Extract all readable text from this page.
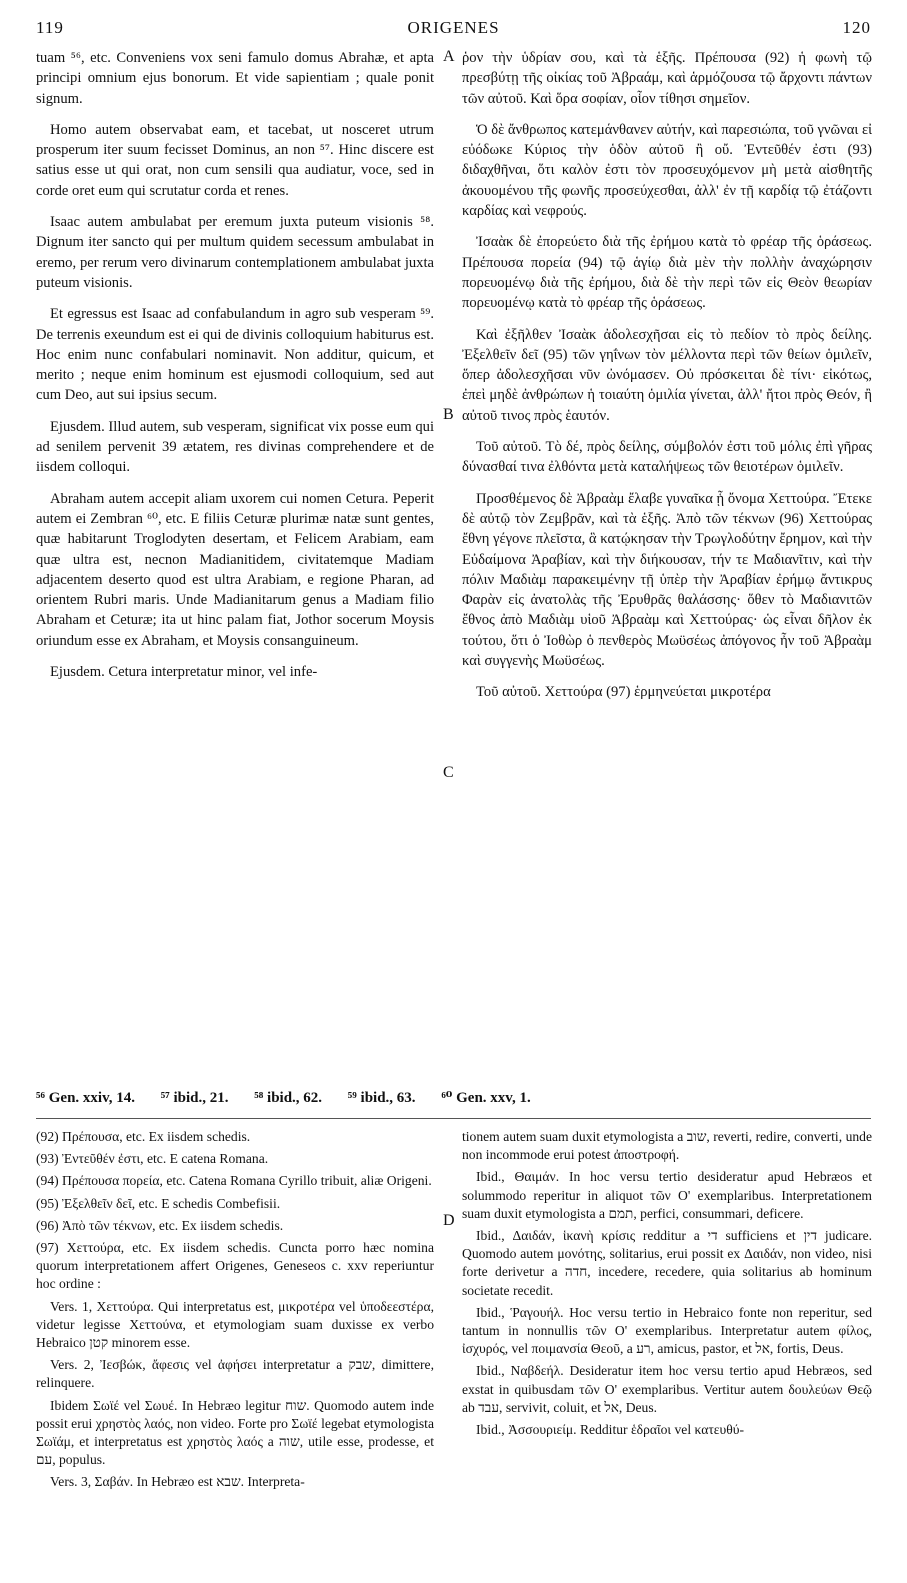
119	ORIGENES	120
A
B
C
D

tuam ⁵⁶, etc. Conveniens vox seni famulo domus Abrahæ, et apta principi omnium ejus bonorum. Et vide sapientiam ; quale ponit signum.

Homo autem observabat eam, et tacebat, ut nosceret utrum prosperum iter suum fecisset Dominus, an non ⁵⁷. Hinc discere est satius esse ut qui orat, non cum sensili qua audiatur, voce, sed in corde oret eum qui scrutatur corda et renes.

Isaac autem ambulabat per eremum juxta puteum visionis ⁵⁸. Dignum iter sancto qui per multum quidem secessum ambulabat in eremo, per rerum vero divinarum contemplationem ambulabat juxta puteum visionis.

Et egressus est Isaac ad confabulandum in agro sub vesperam ⁵⁹. De terrenis exeundum est ei qui de divinis colloquium habiturus est. Hoc enim nunc confabulari nominavit. Non additur, quicum, et merito ; neque enim hominum est ejusmodi colloquium, sed aut cum Deo, aut sui ipsius secum.

Ejusdem. Illud autem, sub vesperam, significat vix posse eum qui ad senilem pervenit 39 ætatem, res divinas comprehendere et de iisdem colloqui.

Abraham autem accepit aliam uxorem cui nomen Cetura. Peperit autem ei Zembran ⁶⁰, etc. E filiis Ceturæ plurimæ natæ sunt gentes, quæ habitarunt Troglodyten desertam, et Felicem Arabiam, eam quæ ultra est, necnon Madianitidem, civitatemque Madiam adjacentem deserto quod est ultra Arabiam, e regione Pharan, ad orientem Rubri maris. Unde Madianitarum genus a Madiam filio Abraham et Ceturæ; ita ut hinc palam fiat, Jothor socerum Moysis oriundum esse ex Abraham, et Moysis consanguineum.

Ejusdem. Cetura interpretatur minor, vel infe-

ῥον τὴν ὑδρίαν σου, καὶ τὰ ἑξῆς. Πρέπουσα (92) ἡ φωνὴ τῷ πρεσβύτῃ τῆς οἰκίας τοῦ Ἀβραάμ, καὶ ἁρμόζουσα τῷ ἄρχοντι πάντων τῶν αὐτοῦ. Καὶ ὅρα σοφίαν, οἷον τίθησι σημεῖον.

Ὁ δὲ ἄνθρωπος κατεμάνθανεν αὐτήν, καὶ παρεσιώπα, τοῦ γνῶναι εἰ εὐόδωκε Κύριος τὴν ὁδὸν αὐτοῦ ἢ οὔ. Ἐντεῦθέν ἐστι (93) διδαχθῆναι, ὅτι καλὸν ἐστι τὸν προσευχόμενον μὴ μετὰ αἰσθητῆς ἀκουομένου τῆς φωνῆς προσεύχεσθαι, ἀλλ' ἐν τῇ καρδίᾳ τῷ ἐτάζοντι καρδίας καὶ νεφρούς.

Ἰσαὰκ δὲ ἐπορεύετο διὰ τῆς ἐρήμου κατὰ τὸ φρέαρ τῆς ὁράσεως. Πρέπουσα πορεία (94) τῷ ἁγίῳ διὰ μὲν τὴν πολλὴν ἀναχώρησιν πορευομένῳ διὰ τῆς ἐρήμου, διὰ δὲ τὴν περὶ τῶν εἰς Θεὸν θεωρίαν πορευομένῳ κατὰ τὸ φρέαρ τῆς ὁράσεως.

Καὶ ἐξῆλθεν Ἰσαὰκ ἀδολεσχῆσαι εἰς τὸ πεδίον τὸ πρὸς δείλης. Ἐξελθεῖν δεῖ (95) τῶν γηΐνων τὸν μέλλοντα περὶ τῶν θείων ὁμιλεῖν, ὅπερ ἀδολεσχῆσαι νῦν ὠνόμασεν. Οὐ πρόσκειται δὲ τίνι· εἰκότως, ἐπεὶ μηδὲ ἀνθρώπων ἡ τοιαύτη ὁμιλία γίνεται, ἀλλ' ἤτοι πρὸς Θεόν, ἢ αὐτοῦ τινος πρὸς ἑαυτόν.

Τοῦ αὐτοῦ. Τὸ δέ, πρὸς δείλης, σύμβολόν ἐστι τοῦ μόλις ἐπὶ γῆρας δύνασθαί τινα ἐλθόντα μετὰ καταλήψεως τῶν θειοτέρων ὁμιλεῖν.

Προσθέμενος δὲ Ἀβραὰμ ἔλαβε γυναῖκα ᾗ ὄνομα Χεττούρα. Ἔτεκε δὲ αὐτῷ τὸν Ζεμβρᾶν, καὶ τὰ ἑξῆς. Ἀπὸ τῶν τέκνων (96) Χεττούρας ἔθνη γέγονε πλεῖστα, ἃ κατῴκησαν τὴν Τρωγλοδύτην ἔρημον, καὶ τὴν Εὐδαίμονα Ἀραβίαν, καὶ τὴν διήκουσαν, τήν τε Μαδιανῖτιν, καὶ τὴν πόλιν Μαδιὰμ παρακειμένην τῇ ὑπὲρ τὴν Ἀραβίαν ἐρήμῳ ἄντικρυς Φαρὰν εἰς ἀνατολὰς τῆς Ἐρυθρᾶς θαλάσσης· ὅθεν τὸ Μαδιανιτῶν ἔθνος ἀπὸ Μαδιὰμ υἱοῦ Ἀβραὰμ καὶ Χεττούρας· ὡς εἶναι δῆλον ἐκ τούτου, ὅτι ὁ Ἰοθὼρ ὁ πενθερὸς Μωϋσέως ἀπόγονος ἦν τοῦ Ἀβραὰμ καὶ συγγενὴς Μωϋσέως.

Τοῦ αὐτοῦ. Χεττούρα (97) ἑρμηνεύεται μικροτέρα

⁵⁶ Gen. xxiv, 14. ⁵⁷ ibid., 21. ⁵⁸ ibid., 62. ⁵⁹ ibid., 63. ⁶⁰ Gen. xxv, 1.

(92) Πρέπουσα, etc. Ex iisdem schedis.

(93) Ἐντεῦθέν ἐστι, etc. E catena Romana.

(94) Πρέπουσα πορεία, etc. Catena Romana Cyrillo tribuit, aliæ Origeni.

(95) Ἐξελθεῖν δεῖ, etc. E schedis Combefisii.

(96) Ἀπὸ τῶν τέκνων, etc. Ex iisdem schedis.

(97) Χεττούρα, etc. Ex iisdem schedis. Cuncta porro hæc nomina quorum interpretationem affert Origenes, Geneseos c. xxv reperiuntur hoc ordine :

Vers. 1, Χεττούρα. Qui interpretatus est, μικροτέρα vel ὑποδεεστέρα, videtur legisse Χεττούνα, et etymologiam suam duxisse ex verbo Hebraico קטן minorem esse.

Vers. 2, Ἰεσβώκ, ἄφεσις vel ἀφήσει interpretatur a שבק, dimittere, relinquere.

Ibidem Σωϊέ vel Σωυέ. In Hebræo legitur שוח. Quomodo autem inde possit erui χρηστὸς λαός, non video. Forte pro Σωϊέ legebat etymologista Σωϊάμ, et interpretatus est χρηστὸς λαός a שוה, utile esse, prodesse, et עם, populus.

Vers. 3, Σαβάν. In Hebræo est שבא. Interpreta-

tionem autem suam duxit etymologista a שוב, reverti, redire, converti, unde non incommode erui potest ἀποστροφή.

Ibid., Θαιμάν. In hoc versu tertio desideratur apud Hebræos et solummodo reperitur in aliquot τῶν O' exemplaribus. Interpretationem suam duxit etymologista a תמם, perfici, consummari, deficere.

Ibid., Δαιδάν, ἱκανὴ κρίσις redditur a די sufficiens et דין judicare. Quomodo autem μονότης, solitarius, erui possit ex Δαιδάν, non video, nisi forte derivetur a חדה, incedere, recedere, quia solitarius ab hominum societate recedit.

Ibid., Ῥαγουήλ. Hoc versu tertio in Hebraico fonte non reperitur, sed tantum in nonnullis τῶν O' exemplaribus. Interpretatur autem φίλος, ἰσχυρός, vel ποιμανσία Θεοῦ, a רע, amicus, pastor, et אל, fortis, Deus.

Ibid., Ναβδεήλ. Desideratur item hoc versu tertio apud Hebræos, sed exstat in quibusdam τῶν O' exemplaribus. Vertitur autem δουλεύων Θεῷ ab עבד, servivit, coluit, et אל, Deus.

Ibid., Ἀσσουριείμ. Redditur ἑδραῖοι vel κατευθύ-
